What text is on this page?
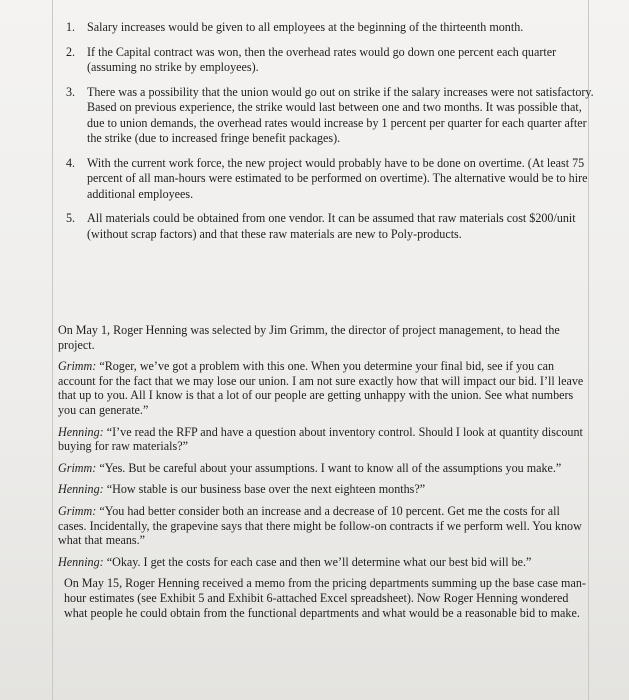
1. Salary increases would be given to all employees at the beginning of the thirteenth month.
2. If the Capital contract was won, then the overhead rates would go down one percent each quarter (assuming no strike by employees).
3. There was a possibility that the union would go out on strike if the salary increases were not satisfactory. Based on previous experience, the strike would last between one and two months. It was possible that, due to union demands, the overhead rates would increase by 1 percent per quarter for each quarter after the strike (due to increased fringe benefit packages).
4. With the current work force, the new project would probably have to be done on overtime. (At least 75 percent of all man-hours were estimated to be performed on overtime). The alternative would be to hire additional employees.
5. All materials could be obtained from one vendor. It can be assumed that raw materials cost $200/unit (without scrap factors) and that these raw materials are new to Poly-products.

On May 1, Roger Henning was selected by Jim Grimm, the director of project management, to head the project.

Grimm: “Roger, we’ve got a problem with this one. When you determine your final bid, see if you can account for the fact that we may lose our union. I am not sure exactly how that will impact our bid. I’ll leave that up to you. All I know is that a lot of our people are getting unhappy with the union. See what numbers you can generate.”

Henning: “I’ve read the RFP and have a question about inventory control. Should I look at quantity discount buying for raw materials?”

Grimm: “Yes. But be careful about your assumptions. I want to know all of the assumptions you make.”

Henning: “How stable is our business base over the next eighteen months?”

Grimm: “You had better consider both an increase and a decrease of 10 percent. Get me the costs for all cases. Incidentally, the grapevine says that there might be follow-on contracts if we perform well. You know what that means.”

Henning: “Okay. I get the costs for each case and then we’ll determine what our best bid will be.”

On May 15, Roger Henning received a memo from the pricing departments summing up the base case man-hour estimates (see Exhibit 5 and Exhibit 6-attached Excel spreadsheet). Now Roger Henning wondered what people he could obtain from the functional departments and what would be a reasonable bid to make.
